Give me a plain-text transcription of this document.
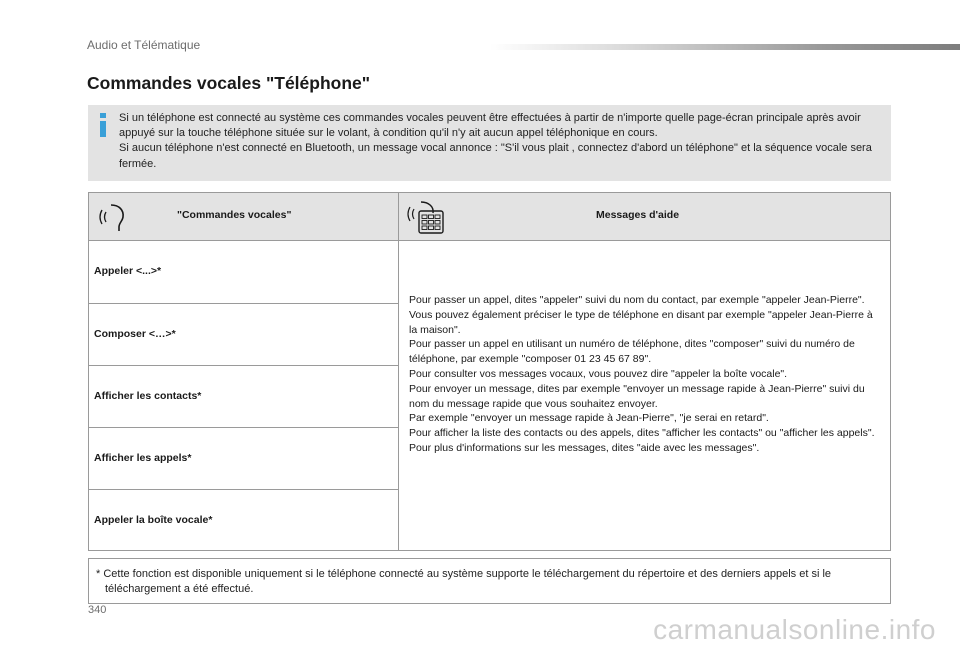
Audio et Télématique
Commandes vocales "Téléphone"

Si un téléphone est connecté au système ces commandes vocales peuvent être effectuées à partir de n'importe quelle page-écran principale après avoir appuyé sur la touche téléphone située sur le volant, à condition qu'il n'y ait aucun appel téléphonique en cours.

Si aucun téléphone n'est connecté en Bluetooth, un message vocal annonce : "S'il vous plait , connectez d'abord un téléphone" et la séquence vocale sera fermée.

"Commandes vocales"	Messages d'aide
Appeler <...>*
Composer <…>*
Afficher les contacts*
Afficher les appels*
Appeler la boîte vocale*

Pour passer un appel, dites "appeler" suivi du nom du contact, par exemple "appeler Jean-Pierre".

Vous pouvez également préciser le type de téléphone en disant par exemple "appeler Jean-Pierre à la maison".

Pour passer un appel en utilisant un numéro de téléphone, dites "composer" suivi du numéro de téléphone, par exemple "composer 01 23 45 67 89".

Pour consulter vos messages vocaux, vous pouvez dire "appeler la boîte vocale".

Pour envoyer un message, dites par exemple "envoyer un message rapide à Jean-Pierre" suivi du nom du message rapide que vous souhaitez envoyer.

Par exemple "envoyer un message rapide à Jean-Pierre", "je serai en retard".

Pour afficher la liste des contacts ou des appels, dites "afficher les contacts" ou "afficher les appels".

Pour plus d'informations sur les messages, dites "aide avec les messages".

* Cette fonction est disponible uniquement si le téléphone connecté au système supporte le téléchargement du répertoire et des derniers appels et si le téléchargement a été effectué.
340
carmanualsonline.info
